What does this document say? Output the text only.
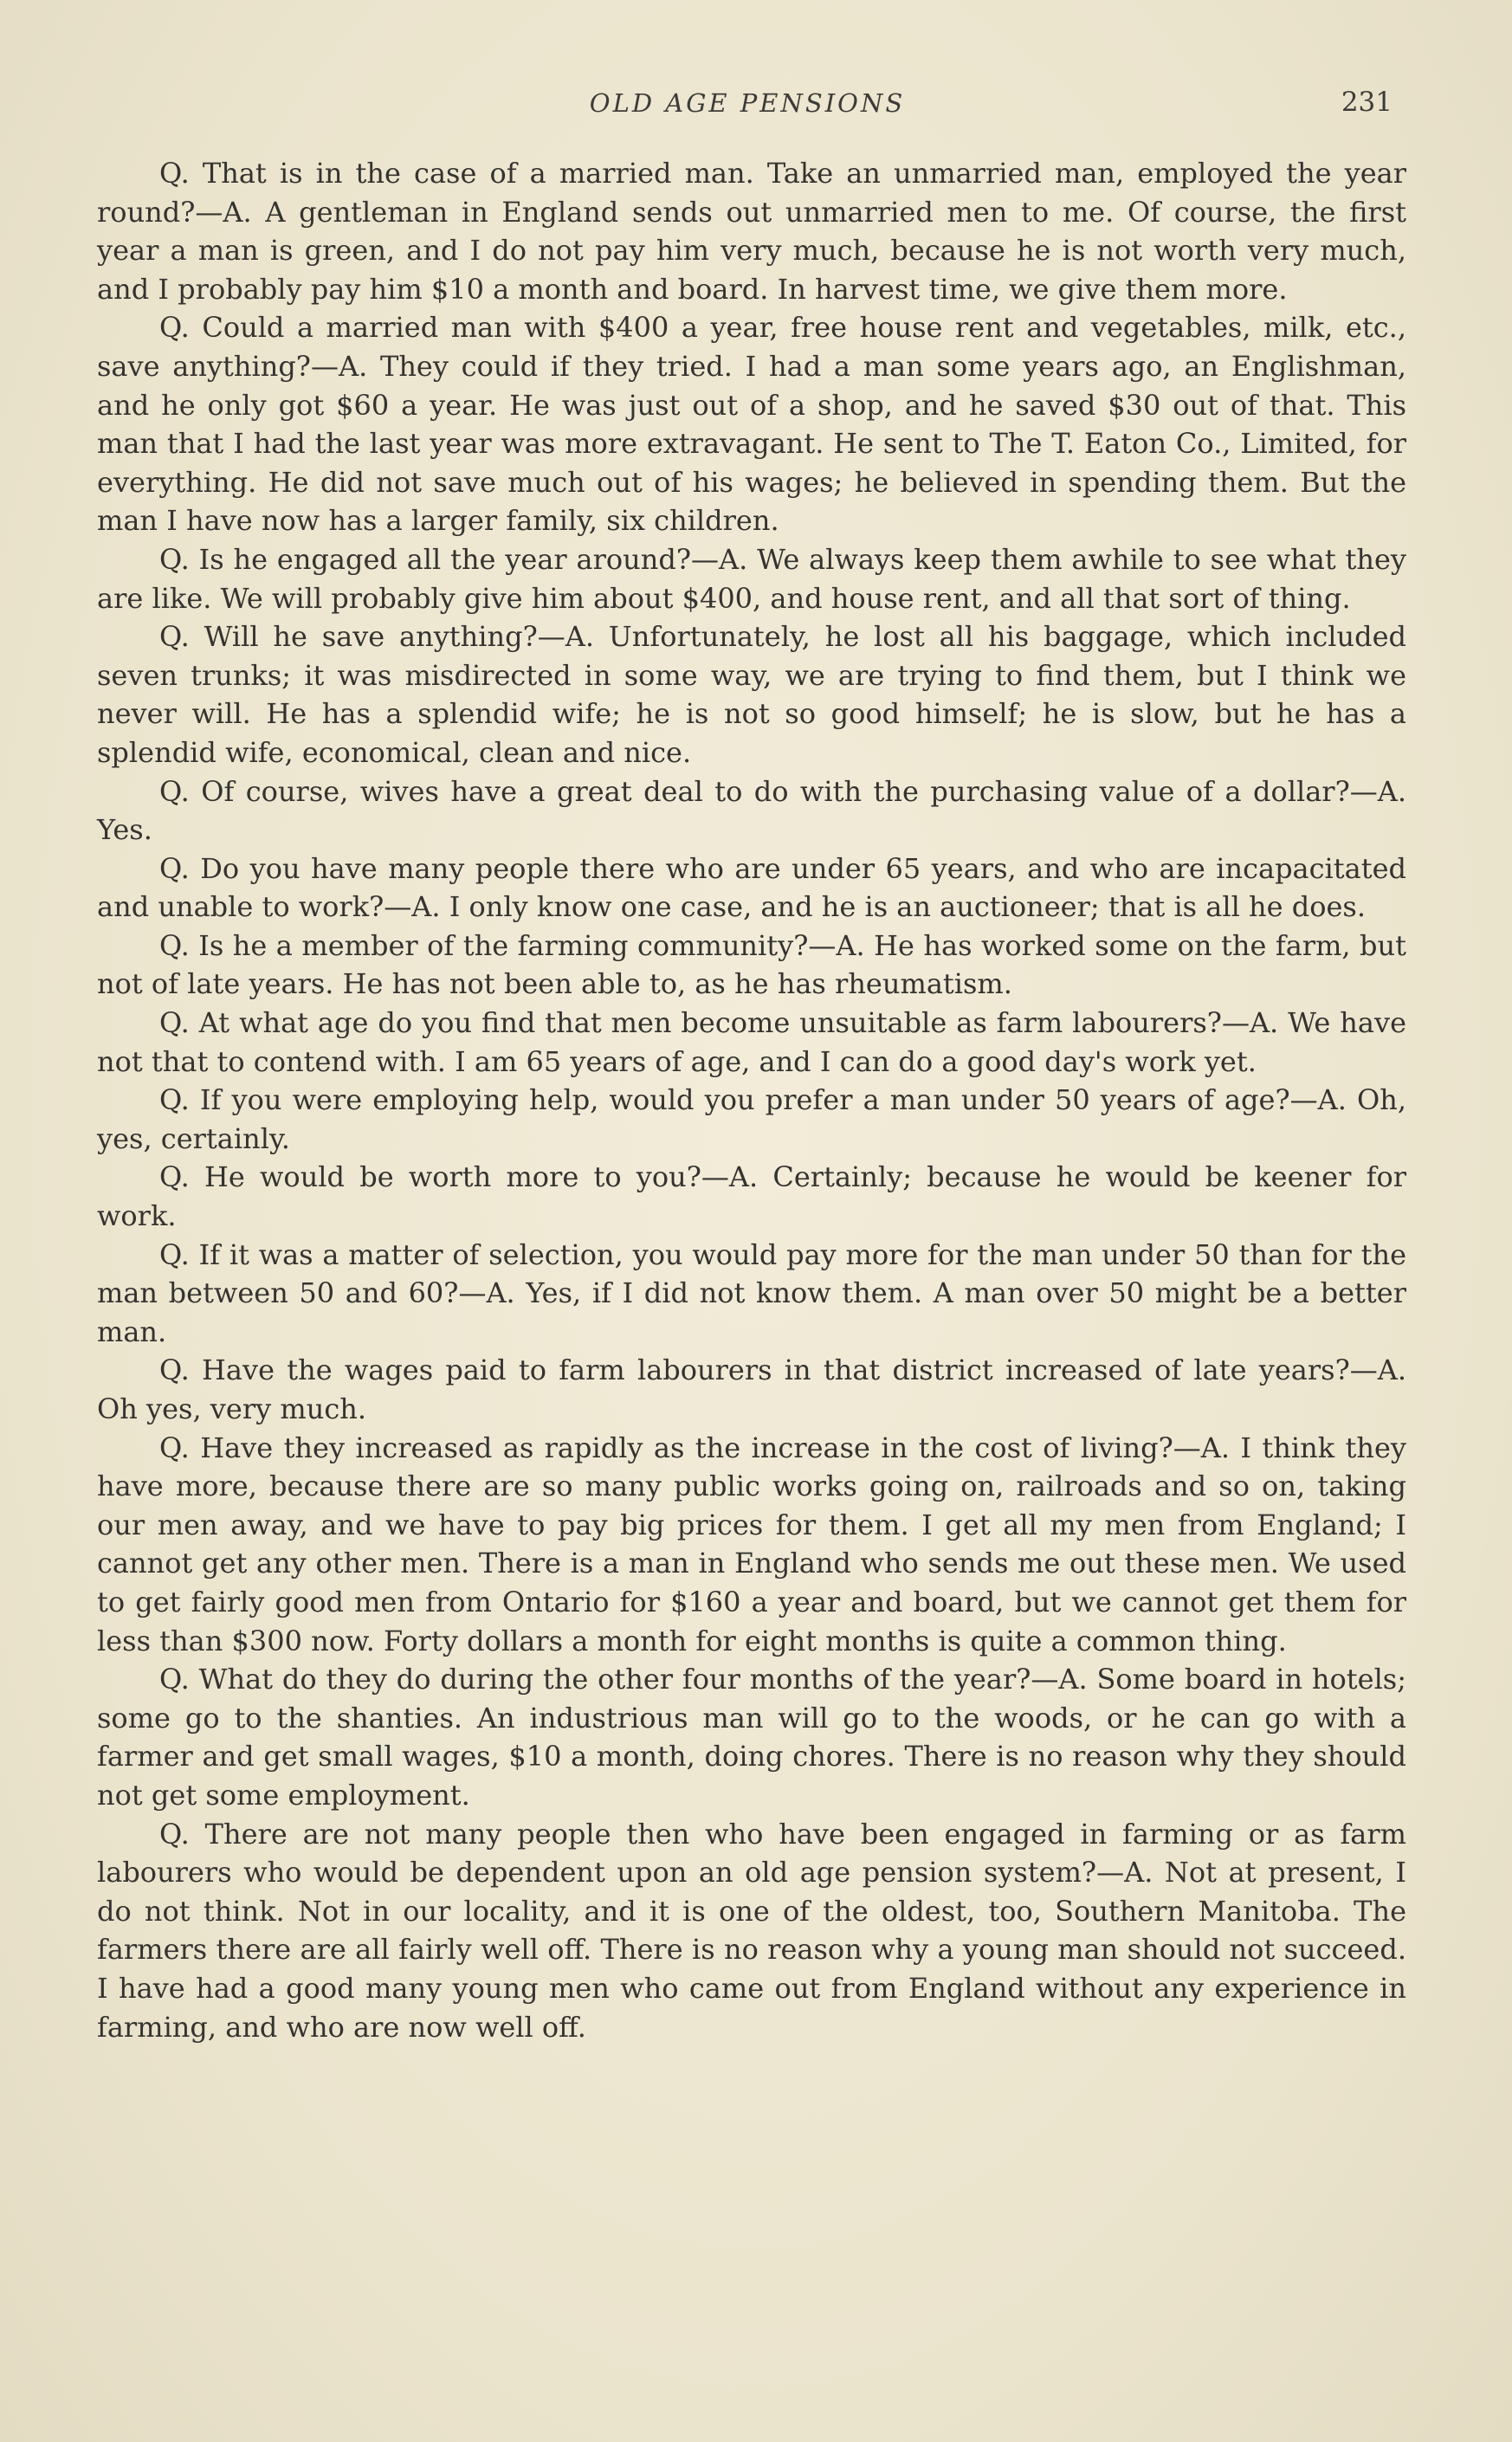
OLD AGE PENSIONS	231

Q. That is in the case of a married man. Take an unmarried man, employed the year round?—A. A gentleman in England sends out unmarried men to me. Of course, the first year a man is green, and I do not pay him very much, because he is not worth very much, and I probably pay him $10 a month and board. In harvest time, we give them more.

Q. Could a married man with $400 a year, free house rent and vegetables, milk, etc., save anything?—A. They could if they tried. I had a man some years ago, an Englishman, and he only got $60 a year. He was just out of a shop, and he saved $30 out of that. This man that I had the last year was more extravagant. He sent to The T. Eaton Co., Limited, for everything. He did not save much out of his wages; he believed in spending them. But the man I have now has a larger family, six children.

Q. Is he engaged all the year around?—A. We always keep them awhile to see what they are like. We will probably give him about $400, and house rent, and all that sort of thing.

Q. Will he save anything?—A. Unfortunately, he lost all his baggage, which included seven trunks; it was misdirected in some way, we are trying to find them, but I think we never will. He has a splendid wife; he is not so good himself; he is slow, but he has a splendid wife, economical, clean and nice.

Q. Of course, wives have a great deal to do with the purchasing value of a dollar?—A. Yes.

Q. Do you have many people there who are under 65 years, and who are incapacitated and unable to work?—A. I only know one case, and he is an auctioneer; that is all he does.

Q. Is he a member of the farming community?—A. He has worked some on the farm, but not of late years. He has not been able to, as he has rheumatism.

Q. At what age do you find that men become unsuitable as farm labourers?—A. We have not that to contend with. I am 65 years of age, and I can do a good day's work yet.

Q. If you were employing help, would you prefer a man under 50 years of age?—A. Oh, yes, certainly.

Q. He would be worth more to you?—A. Certainly; because he would be keener for work.

Q. If it was a matter of selection, you would pay more for the man under 50 than for the man between 50 and 60?—A. Yes, if I did not know them. A man over 50 might be a better man.

Q. Have the wages paid to farm labourers in that district increased of late years?—A. Oh yes, very much.

Q. Have they increased as rapidly as the increase in the cost of living?—A. I think they have more, because there are so many public works going on, railroads and so on, taking our men away, and we have to pay big prices for them. I get all my men from England; I cannot get any other men. There is a man in England who sends me out these men. We used to get fairly good men from Ontario for $160 a year and board, but we cannot get them for less than $300 now. Forty dollars a month for eight months is quite a common thing.

Q. What do they do during the other four months of the year?—A. Some board in hotels; some go to the shanties. An industrious man will go to the woods, or he can go with a farmer and get small wages, $10 a month, doing chores. There is no reason why they should not get some employment.

Q. There are not many people then who have been engaged in farming or as farm labourers who would be dependent upon an old age pension system?—A. Not at present, I do not think. Not in our locality, and it is one of the oldest, too, Southern Manitoba. The farmers there are all fairly well off. There is no reason why a young man should not succeed. I have had a good many young men who came out from England without any experience in farming, and who are now well off.
